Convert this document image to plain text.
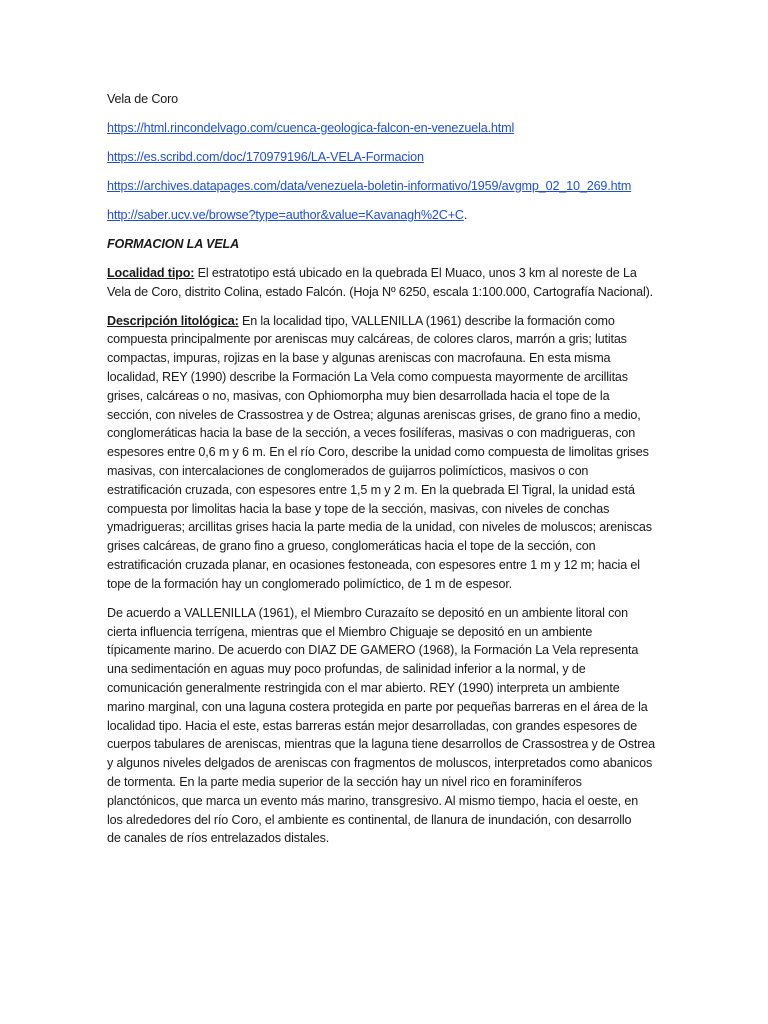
Vela de Coro
https://html.rincondelvago.com/cuenca-geologica-falcon-en-venezuela.html
https://es.scribd.com/doc/170979196/LA-VELA-Formacion
https://archives.datapages.com/data/venezuela-boletin-informativo/1959/avgmp_02_10_269.htm
http://saber.ucv.ve/browse?type=author&value=Kavanagh%2C+C.
FORMACION LA VELA
Localidad tipo: El estratotipo está ubicado en la quebrada El Muaco, unos 3 km al noreste de La
Vela de Coro, distrito Colina, estado Falcón. (Hoja Nº 6250, escala 1:100.000, Cartografía Nacional).
Descripción litológica: En la localidad tipo, VALLENILLA (1961) describe la formación como
compuesta principalmente por areniscas muy calcáreas, de colores claros, marrón a gris; lutitas
compactas, impuras, rojizas en la base y algunas areniscas con macrofauna. En esta misma
localidad, REY (1990) describe la Formación La Vela como compuesta mayormente de arcillitas
grises, calcáreas o no, masivas, con Ophiomorpha muy bien desarrollada hacia el tope de la
sección, con niveles de Crassostrea y de Ostrea; algunas areniscas grises, de grano fino a medio,
conglomeráticas hacia la base de la sección, a veces fosilíferas, masivas o con madrigueras, con
espesores entre 0,6 m y 6 m. En el río Coro, describe la unidad como compuesta de limolitas grises
masivas, con intercalaciones de conglomerados de guijarros polimícticos, masivos o con
estratificación cruzada, con espesores entre 1,5 m y 2 m. En la quebrada El Tigral, la unidad está
compuesta por limolitas hacia la base y tope de la sección, masivas, con niveles de conchas
ymadrigueras; arcillitas grises hacia la parte media de la unidad, con niveles de moluscos; areniscas
grises calcáreas, de grano fino a grueso, conglomeráticas hacia el tope de la sección, con
estratificación cruzada planar, en ocasiones festoneada, con espesores entre 1 m y 12 m; hacia el
tope de la formación hay un conglomerado polimíctico, de 1 m de espesor.
De acuerdo a VALLENILLA (1961), el Miembro Curazaíto se depositó en un ambiente litoral con
cierta influencia terrígena, mientras que el Miembro Chiguaje se depositó en un ambiente
típicamente marino. De acuerdo con DIAZ DE GAMERO (1968), la Formación La Vela representa
una sedimentación en aguas muy poco profundas, de salinidad inferior a la normal, y de
comunicación generalmente restringida con el mar abierto. REY (1990) interpreta un ambiente
marino marginal, con una laguna costera protegida en parte por pequeñas barreras en el área de la
localidad tipo. Hacia el este, estas barreras están mejor desarrolladas, con grandes espesores de
cuerpos tabulares de areniscas, mientras que la laguna tiene desarrollos de Crassostrea y de Ostrea
y algunos niveles delgados de areniscas con fragmentos de moluscos, interpretados como abanicos
de tormenta. En la parte media superior de la sección hay un nivel rico en foraminíferos
planctónicos, que marca un evento más marino, transgresivo. Al mismo tiempo, hacia el oeste, en
los alrededores del río Coro, el ambiente es continental, de llanura de inundación, con desarrollo
de canales de ríos entrelazados distales.
